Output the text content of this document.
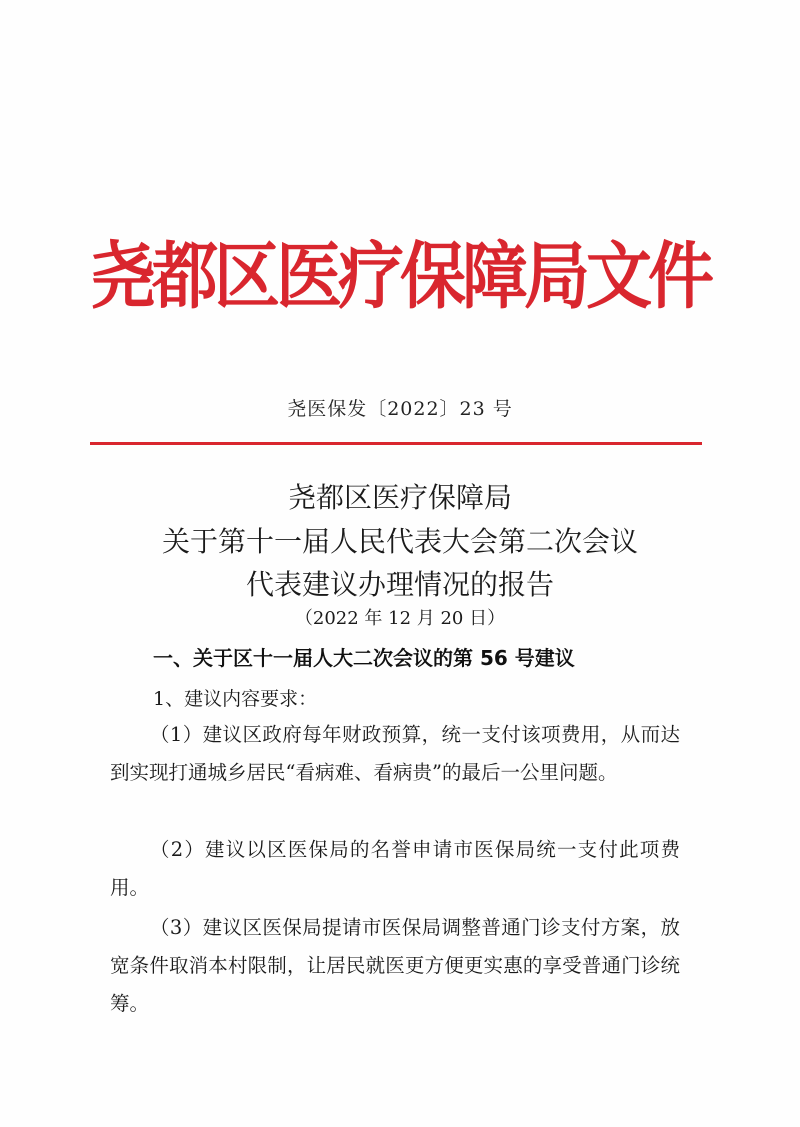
尧都区医疗保障局文件
尧医保发〔2022〕23 号
尧都区医疗保障局
关于第十一届人民代表大会第二次会议
代表建议办理情况的报告
（2022 年 12 月 20 日）
一、关于区十一届人大二次会议的第 56 号建议
1、建议内容要求：

（1）建议区政府每年财政预算，统一支付该项费用，从而达到实现打通城乡居民“看病难、看病贵”的最后一公里问题。

（2）建议以区医保局的名誉申请市医保局统一支付此项费用。

（3）建议区医保局提请市医保局调整普通门诊支付方案，放宽条件取消本村限制，让居民就医更方便更实惠的享受普通门诊统筹。
